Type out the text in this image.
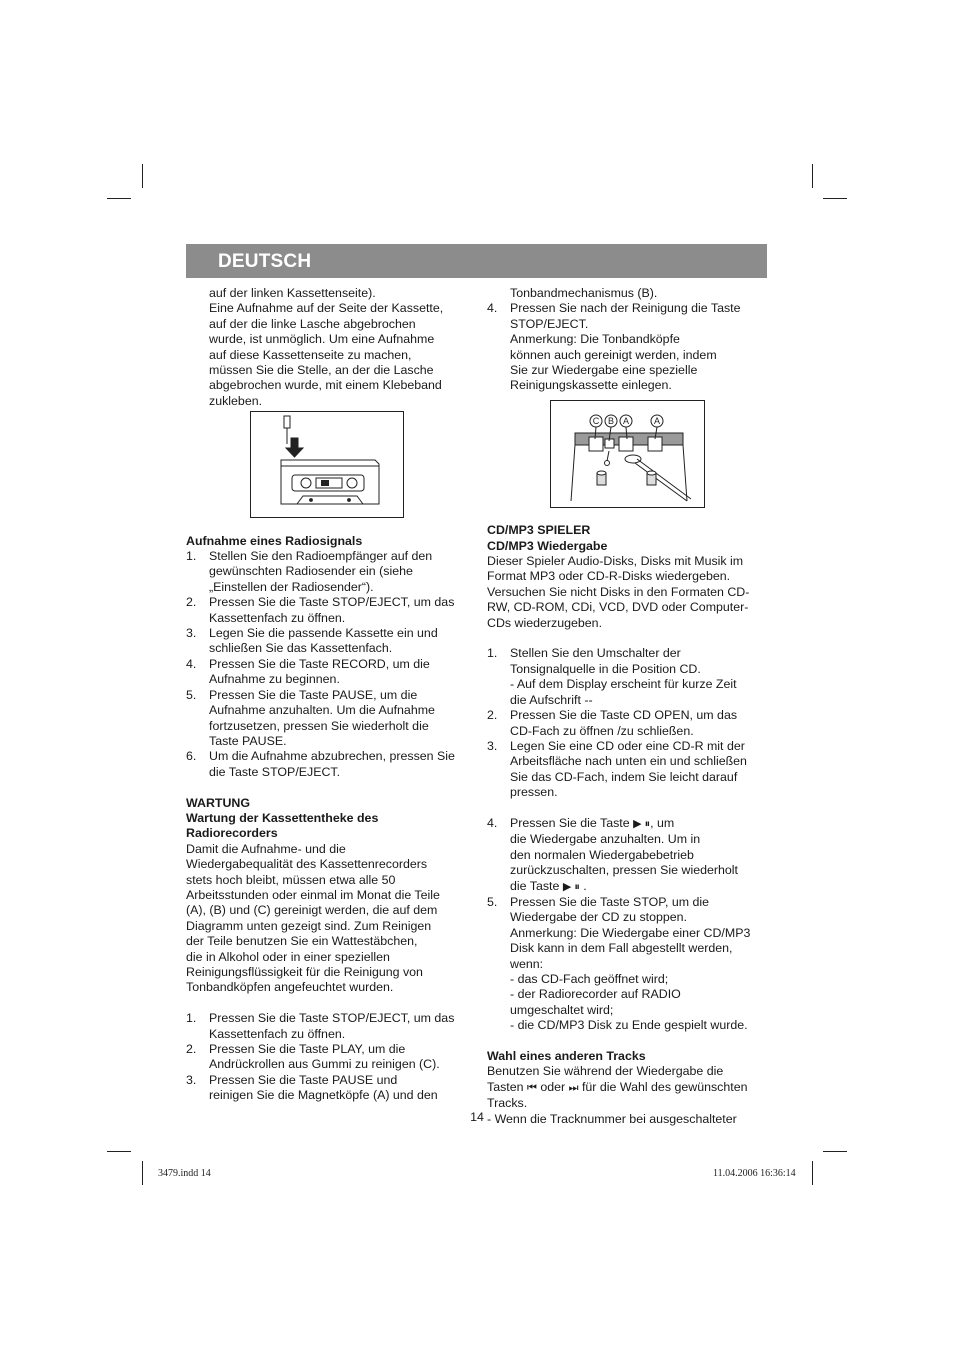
DEUTSCH

auf der linken Kassettenseite).

Eine Aufnahme auf der Seite der Kassette,

auf der die linke Lasche abgebrochen

wurde, ist unmöglich. Um eine Aufnahme

auf diese Kassettenseite zu machen,

müssen Sie die Stelle, an der die Lasche

abgebrochen wurde, mit einem Klebeband

zukleben.

Aufnahme eines Radiosignals

1. Stellen Sie den Radioempfänger auf den
gewünschten Radiosender ein (siehe
„Einstellen der Radiosender“).
2. Pressen Sie die Taste STOP/EJECT, um das
Kassettenfach zu öffnen.
3. Legen Sie die passende Kassette ein und
schließen Sie das Kassettenfach.
4. Pressen Sie die Taste RECORD, um die
Aufnahme zu beginnen.
5. Pressen Sie die Taste PAUSE, um die
Aufnahme anzuhalten. Um die Aufnahme
fortzusetzen, pressen Sie wiederholt die
Taste PAUSE.
6. Um die Aufnahme abzubrechen, pressen Sie
die Taste STOP/EJECT.

WARTUNG

Wartung der Kassettentheke des

Radiorecorders

Damit die Aufnahme- und die

Wiedergabequalität des Kassettenrecorders

stets hoch bleibt, müssen etwa alle 50

Arbeitsstunden oder einmal im Monat die Teile

(A), (B) und (C) gereinigt werden, die auf dem

Diagramm unten gezeigt sind. Zum Reinigen

der Teile benutzen Sie ein Wattestäbchen,

die in Alkohol oder in einer speziellen

Reinigungsflüssigkeit für die Reinigung von

Tonbandköpfen angefeuchtet wurden.

1. Pressen Sie die Taste STOP/EJECT, um das
Kassettenfach zu öffnen.
2. Pressen Sie die Taste PLAY, um die
Andrückrollen aus Gummi zu reinigen (C).
3. Pressen Sie die Taste PAUSE und
reinigen Sie die Magnetköpfe (A) und den

Tonbandmechanismus (B).

4. Pressen Sie nach der Reinigung die Taste
STOP/EJECT.
Anmerkung: Die Tonbandköpfe
können auch gereinigt werden, indem
Sie zur Wiedergabe eine spezielle
Reinigungskassette einlegen.
C B A	A

CD/MP3 SPIELER

CD/MP3 Wiedergabe

Dieser Spieler Audio-Disks, Disks mit Musik im

Format MP3 oder CD-R-Disks wiedergeben.

Versuchen Sie nicht Disks in den Formaten CD-

RW, CD-ROM, CDi, VCD, DVD oder Computer-

CDs wiederzugeben.

1. Stellen Sie den Umschalter der
Tonsignalquelle in die Position CD.
- Auf dem Display erscheint für kurze Zeit
die Aufschrift --
2. Pressen Sie die Taste CD OPEN, um das
CD-Fach zu öffnen /zu schließen.
3. Legen Sie eine CD oder eine CD-R mit der
Arbeitsfläche nach unten ein und schließen
Sie das CD-Fach, indem Sie leicht darauf
pressen.
4. Pressen Sie die Taste ▶ ⏸, um
die Wiedergabe anzuhalten. Um in
den normalen Wiedergabebetrieb
zurückzuschalten, pressen Sie wiederholt
die Taste ▶ ⏸ .
5. Pressen Sie die Taste STOP, um die
Wiedergabe der CD zu stoppen.
Anmerkung: Die Wiedergabe einer CD/MP3
Disk kann in dem Fall abgestellt werden,
wenn:
- das CD-Fach geöffnet wird;
- der Radiorecorder auf RADIO
umgeschaltet wird;
- die CD/MP3 Disk zu Ende gespielt wurde.

Wahl eines anderen Tracks

Benutzen Sie während der Wiedergabe die

Tasten ⏮ oder ⏭ für die Wahl des gewünschten

Tracks.

- Wenn die Tracknummer bei ausgeschalteter

14
3479.indd 14	11.04.2006 16:36:14
